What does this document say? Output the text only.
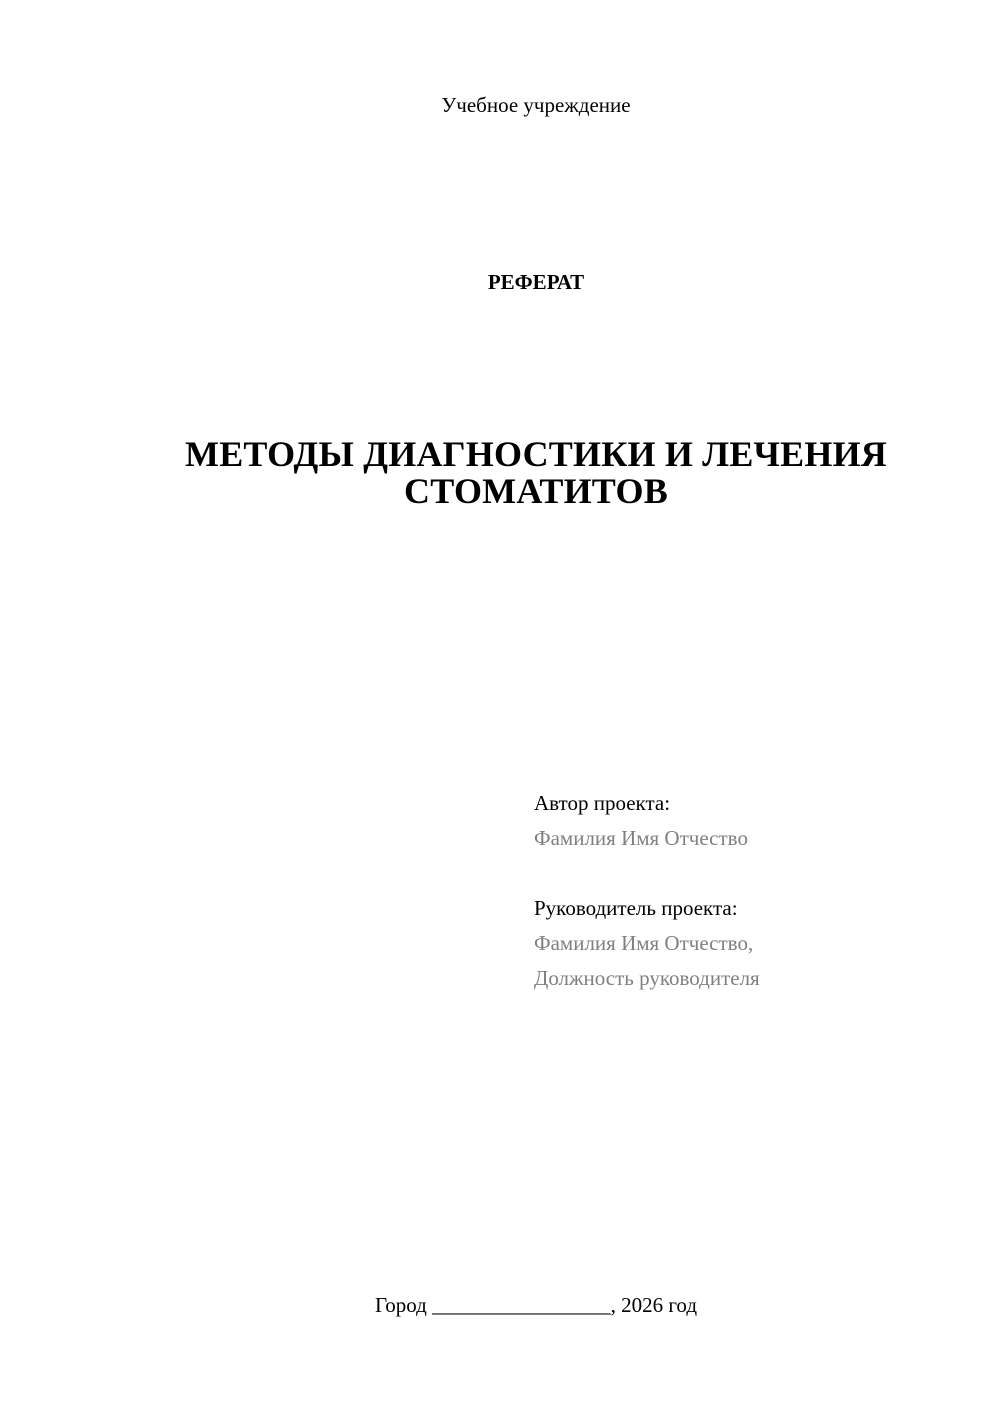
Учебное учреждение
РЕФЕРАТ
МЕТОДЫ ДИАГНОСТИКИ И ЛЕЧЕНИЯ
СТОМАТИТОВ
Автор проекта:
Фамилия Имя Отчество
Руководитель проекта:
Фамилия Имя Отчество,
Должность руководителя
Город _________________, 2026 год
